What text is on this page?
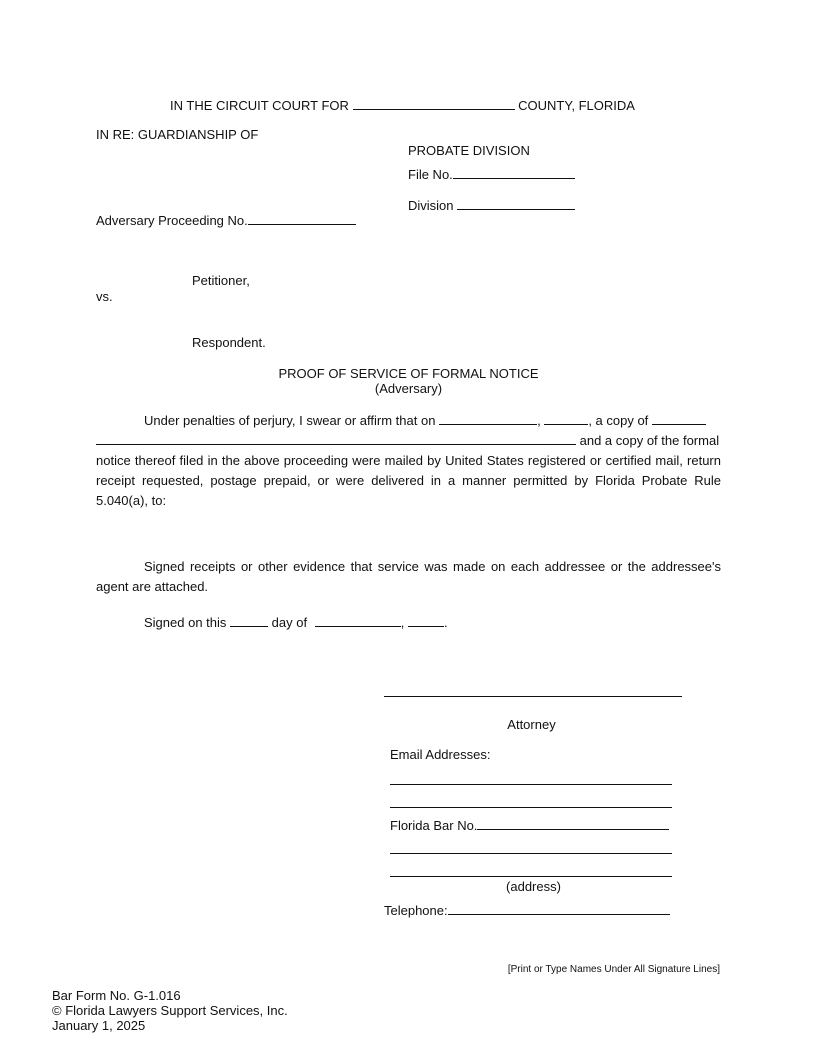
IN THE CIRCUIT COURT FOR	COUNTY, FLORIDA
IN RE: GUARDIANSHIP OF
PROBATE DIVISION
File No.
Division
Adversary Proceeding No.
Petitioner,
vs.
Respondent.
PROOF OF SERVICE OF FORMAL NOTICE
(Adversary)
Under penalties of perjury, I swear or affirm that on	,	, a copy of
and a copy of the formal
notice thereof filed in the above proceeding were mailed by United States registered or certified mail, return receipt requested, postage prepaid, or were delivered in a manner permitted by Florida Probate Rule 5.040(a), to:
Signed receipts or other evidence that service was made on each addressee or the addressee's agent are attached.
Signed on this	day of	,	.
Attorney
Email Addresses:
Florida Bar No.
(address)
Telephone:
[Print or Type Names Under All Signature Lines]
Bar Form No. G-1.016
© Florida Lawyers Support Services, Inc.
January 1, 2025
